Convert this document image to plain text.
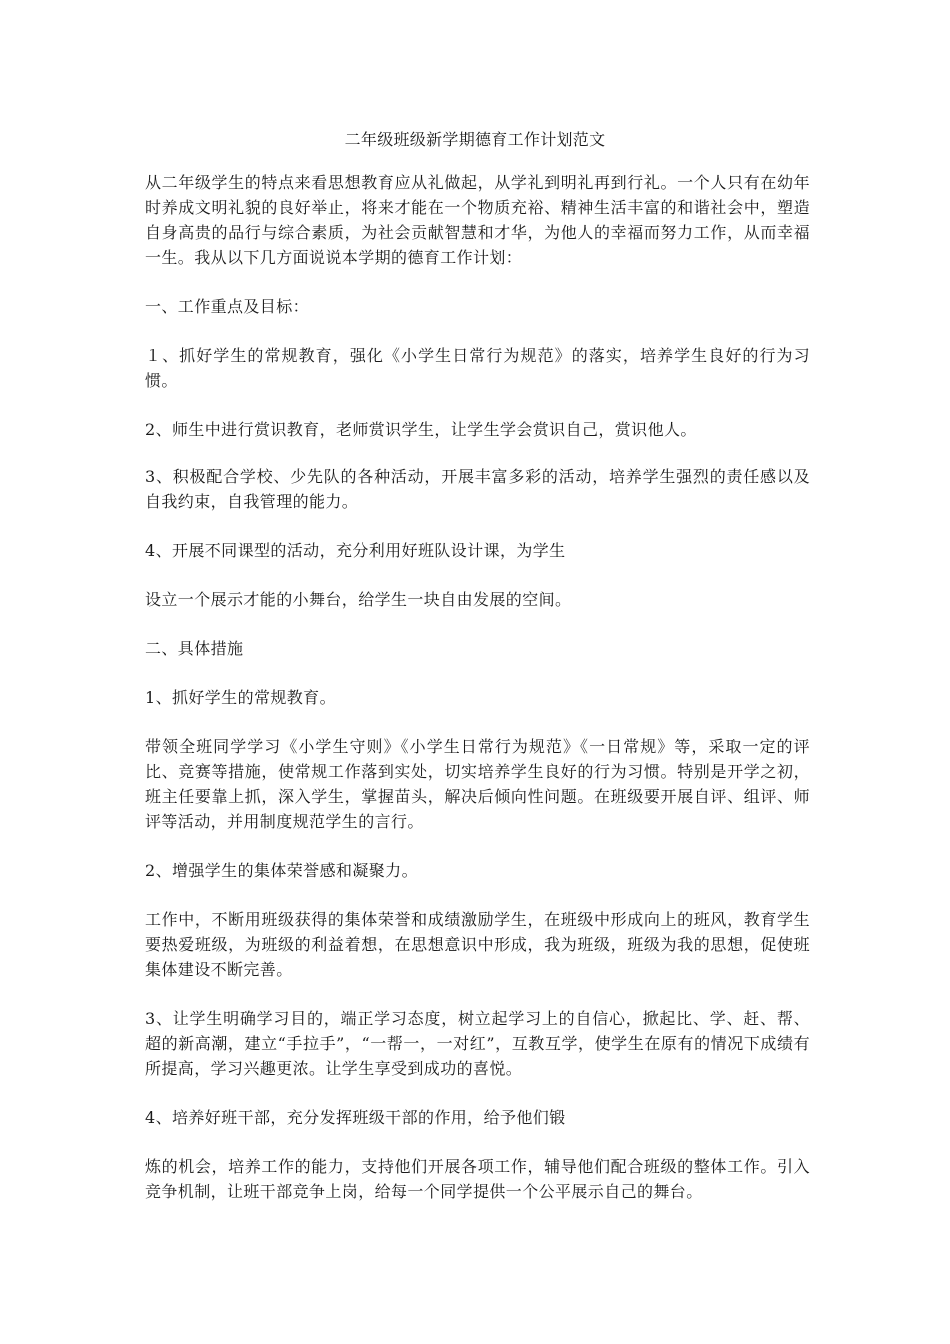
二年级班级新学期德育工作计划范文

从二年级学生的特点来看思想教育应从礼做起，从学礼到明礼再到行礼。一个人只有在幼年时养成文明礼貌的良好举止，将来才能在一个物质充裕、精神生活丰富的和谐社会中，塑造自身高贵的品行与综合素质，为社会贡献智慧和才华，为他人的幸福而努力工作，从而幸福一生。我从以下几方面说说本学期的德育工作计划：

一、工作重点及目标：

１、抓好学生的常规教育，强化《小学生日常行为规范》的落实，培养学生良好的行为习惯。

2、师生中进行赏识教育，老师赏识学生，让学生学会赏识自己，赏识他人。

3、积极配合学校、少先队的各种活动，开展丰富多彩的活动，培养学生强烈的责任感以及自我约束，自我管理的能力。

4、开展不同课型的活动，充分利用好班队设计课，为学生

设立一个展示才能的小舞台，给学生一块自由发展的空间。

二、具体措施

1、抓好学生的常规教育。

带领全班同学学习《小学生守则》《小学生日常行为规范》《一日常规》等，采取一定的评比、竞赛等措施，使常规工作落到实处，切实培养学生良好的行为习惯。特别是开学之初，班主任要靠上抓，深入学生，掌握苗头，解决后倾向性问题。在班级要开展自评、组评、师评等活动，并用制度规范学生的言行。

2、增强学生的集体荣誉感和凝聚力。

工作中，不断用班级获得的集体荣誉和成绩激励学生，在班级中形成向上的班风，教育学生要热爱班级，为班级的利益着想，在思想意识中形成，我为班级，班级为我的思想，促使班集体建设不断完善。

3、让学生明确学习目的，端正学习态度，树立起学习上的自信心，掀起比、学、赶、帮、超的新高潮，建立“手拉手”，“一帮一，一对红”，互教互学，使学生在原有的情况下成绩有所提高，学习兴趣更浓。让学生享受到成功的喜悦。

4、培养好班干部，充分发挥班级干部的作用，给予他们锻

炼的机会，培养工作的能力，支持他们开展各项工作，辅导他们配合班级的整体工作。引入竞争机制，让班干部竞争上岗，给每一个同学提供一个公平展示自己的舞台。
